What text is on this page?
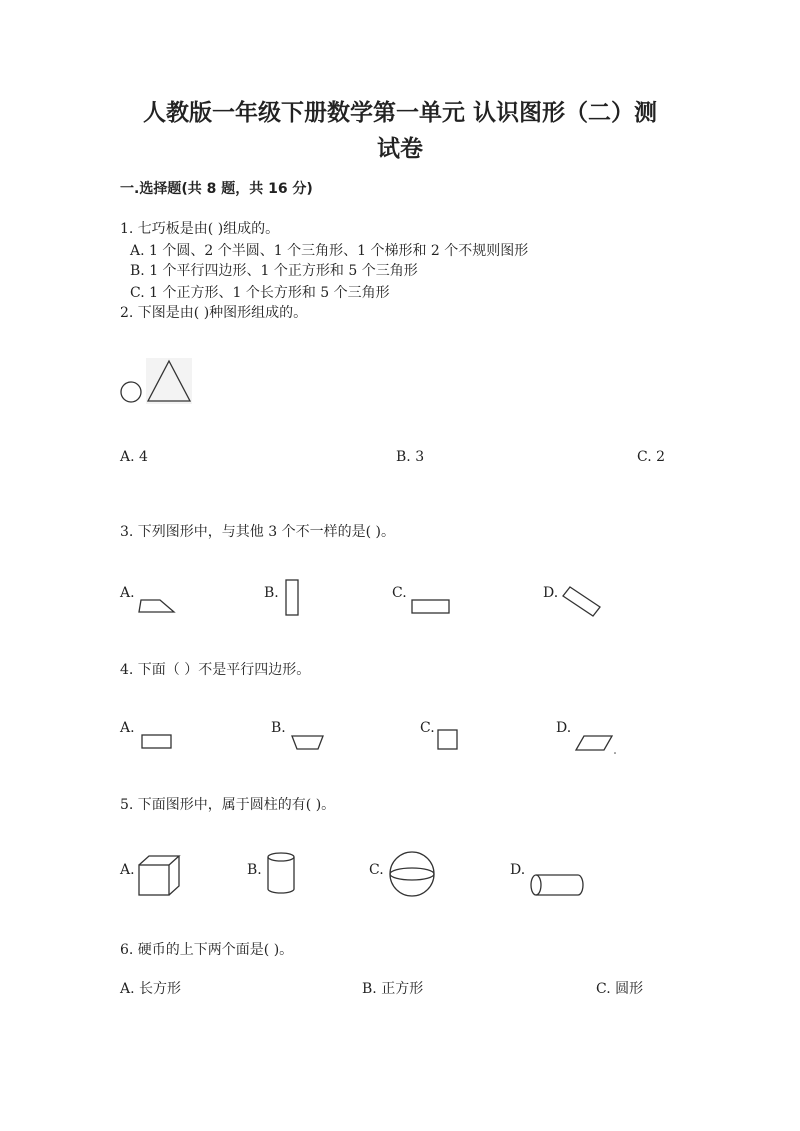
人教版一年级下册数学第一单元 认识图形（二）测
试卷
一.选择题(共 8 题，共 16 分)
1. 七巧板是由( )组成的。
A. 1 个圆、2 个半圆、1 个三角形、1 个梯形和 2 个不规则图形
B. 1 个平行四边形、1 个正方形和 5 个三角形
C. 1 个正方形、1 个长方形和 5 个三角形
2. 下图是由( )种图形组成的。
A. 4	B. 3	C. 2
3. 下列图形中，与其他 3 个不一样的是( )。
A.	B.	C.	D.
4. 下面（ ）不是平行四边形。
A.	B.	C.	D.
5. 下面图形中，属于圆柱的有( )。
A.	B.	C.	D.
6. 硬币的上下两个面是( )。
A. 长方形	B. 正方形	C. 圆形
